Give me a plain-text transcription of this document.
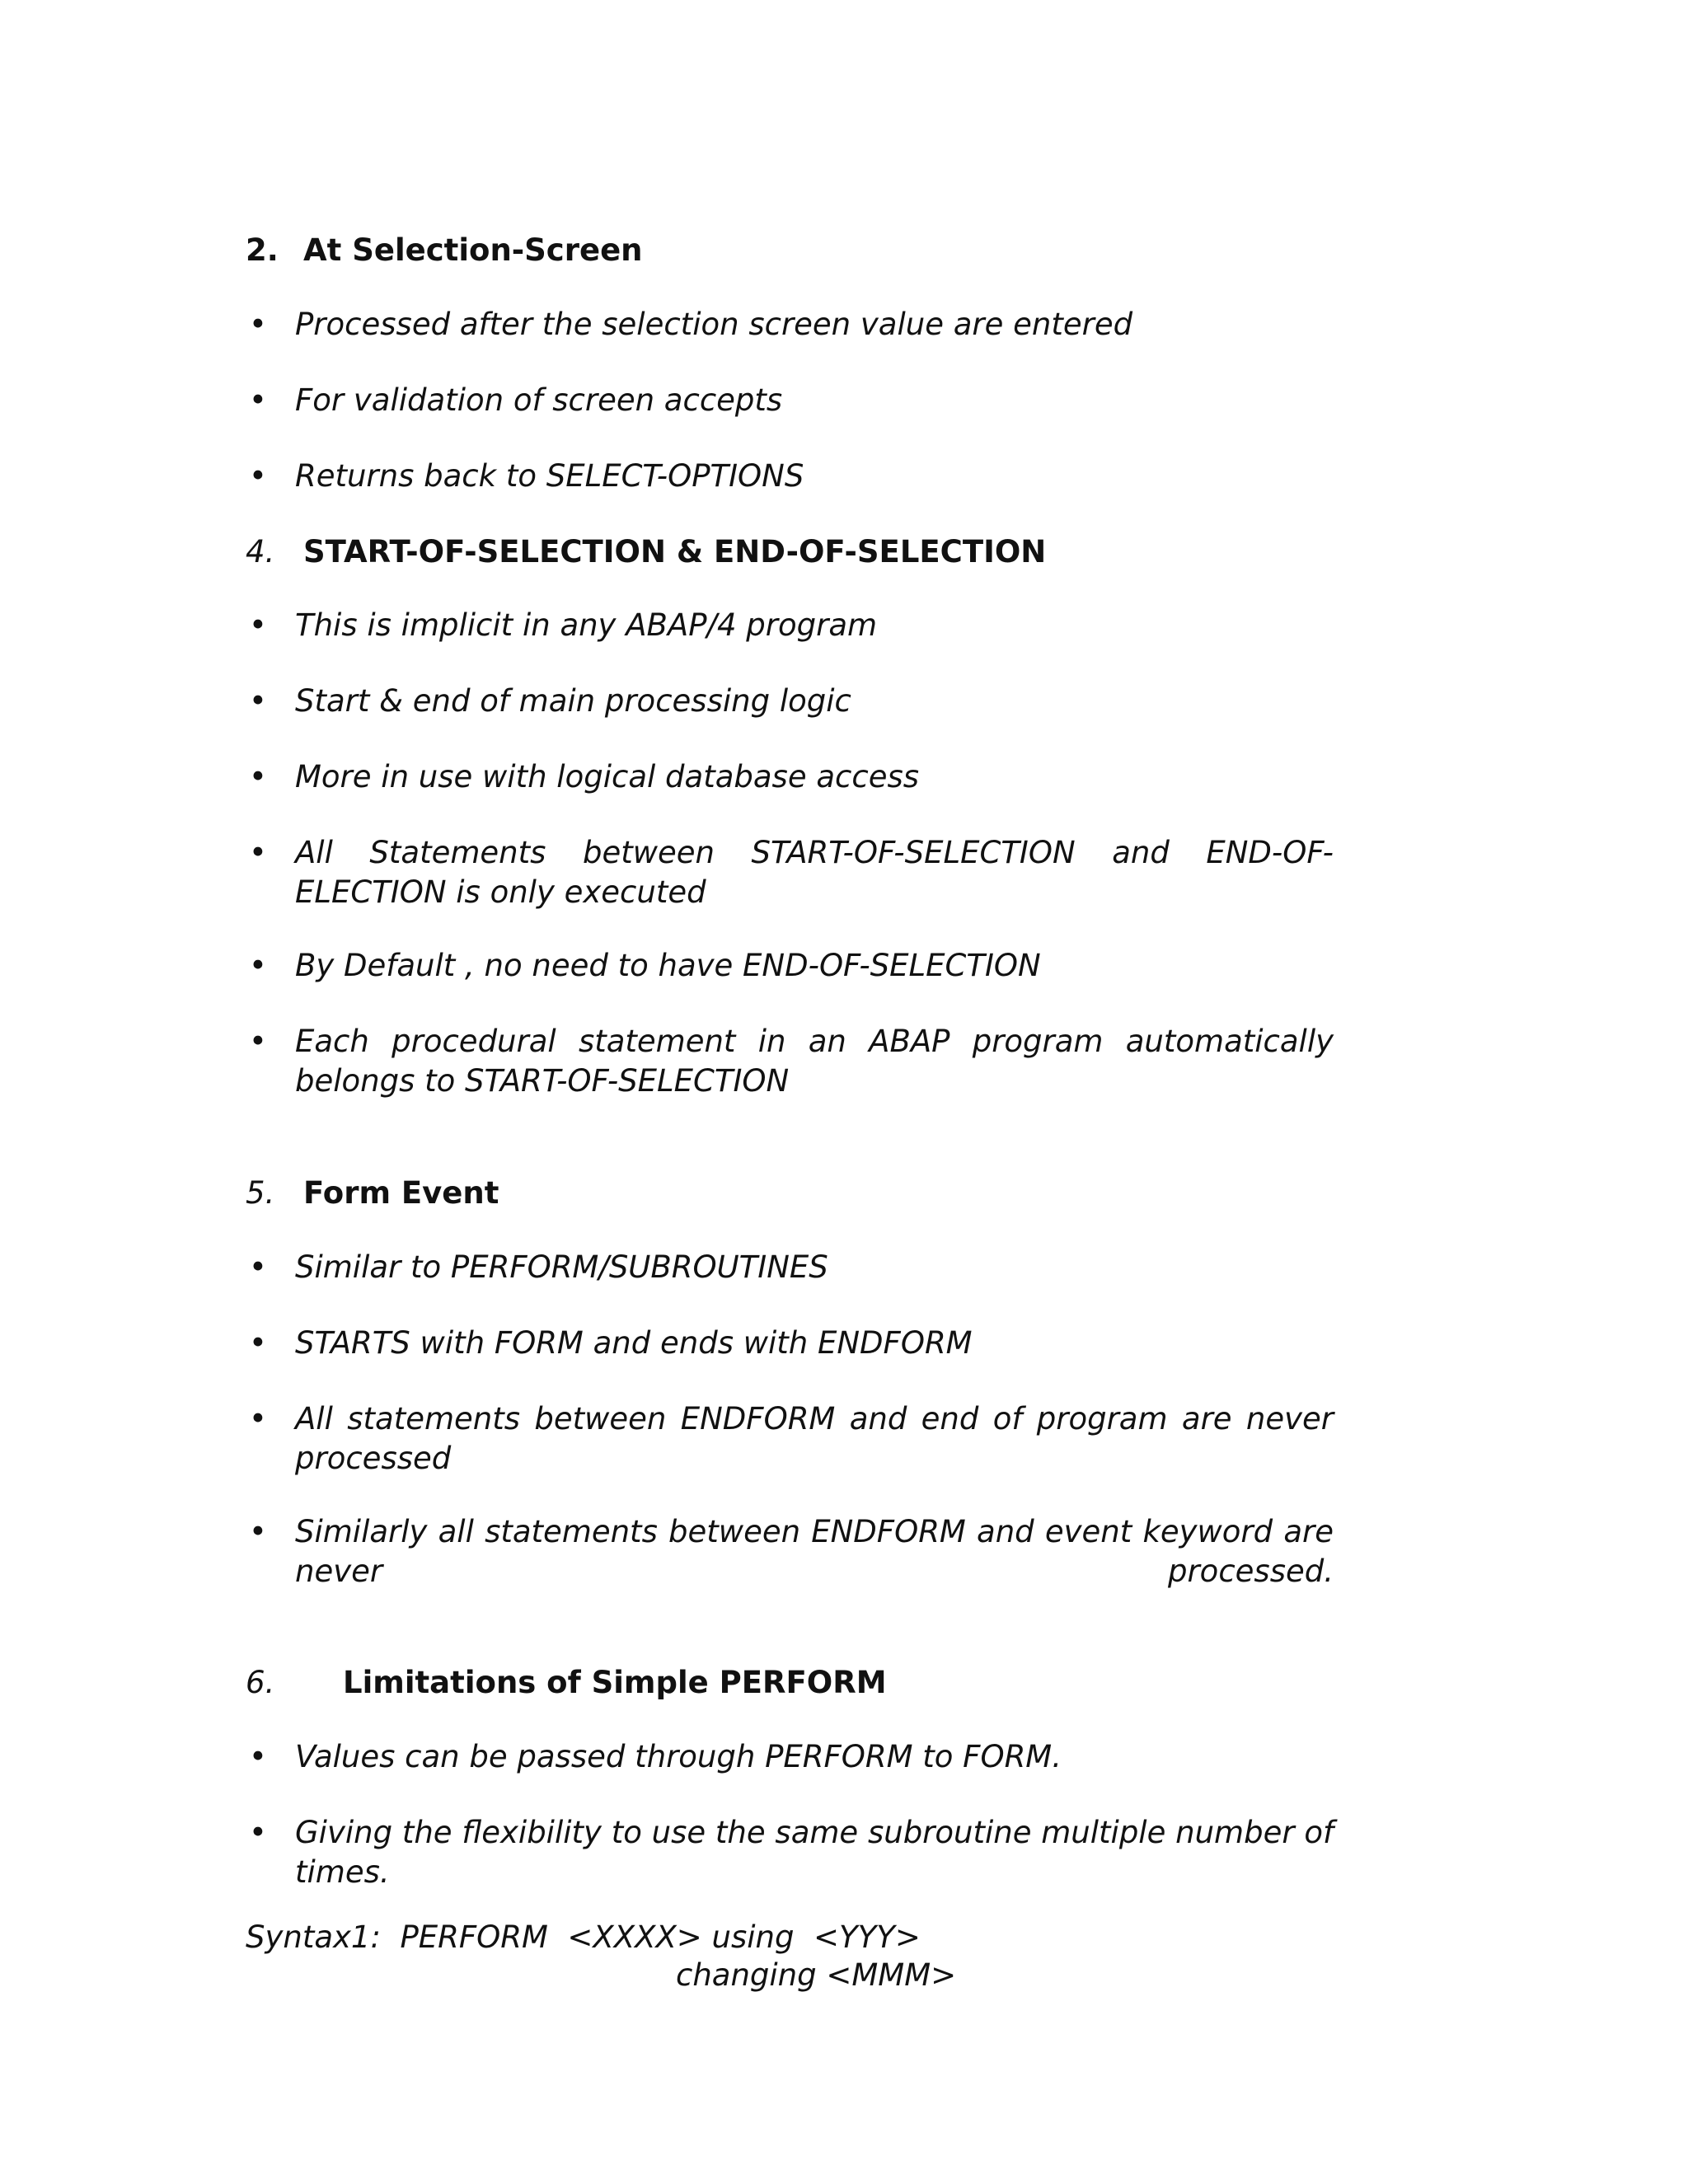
2. At Selection-Screen
• Processed after the selection screen value are entered
• For validation of screen accepts
• Returns back to SELECT-OPTIONS
4. START-OF-SELECTION & END-OF-SELECTION
• This is implicit in any ABAP/4 program
• Start & end of main processing logic
• More in use with logical database access
• All Statements between START-OF-SELECTION and END-OF-ELECTION is only executed
• By Default , no need to have END-OF-SELECTION
• Each procedural statement in an ABAP program automatically belongs to START-OF-SELECTION
5. Form Event
• Similar to PERFORM/SUBROUTINES
• STARTS with FORM and ends with ENDFORM
• All statements between ENDFORM and end of program are never processed
• Similarly all statements between ENDFORM and event keyword are never	processed.
6. Limitations of Simple PERFORM
• Values can be passed through PERFORM to FORM.
• Giving the flexibility to use the same subroutine multiple number of times.
Syntax1:  PERFORM  <XXXX> using  <YYY>
changing <MMM>
